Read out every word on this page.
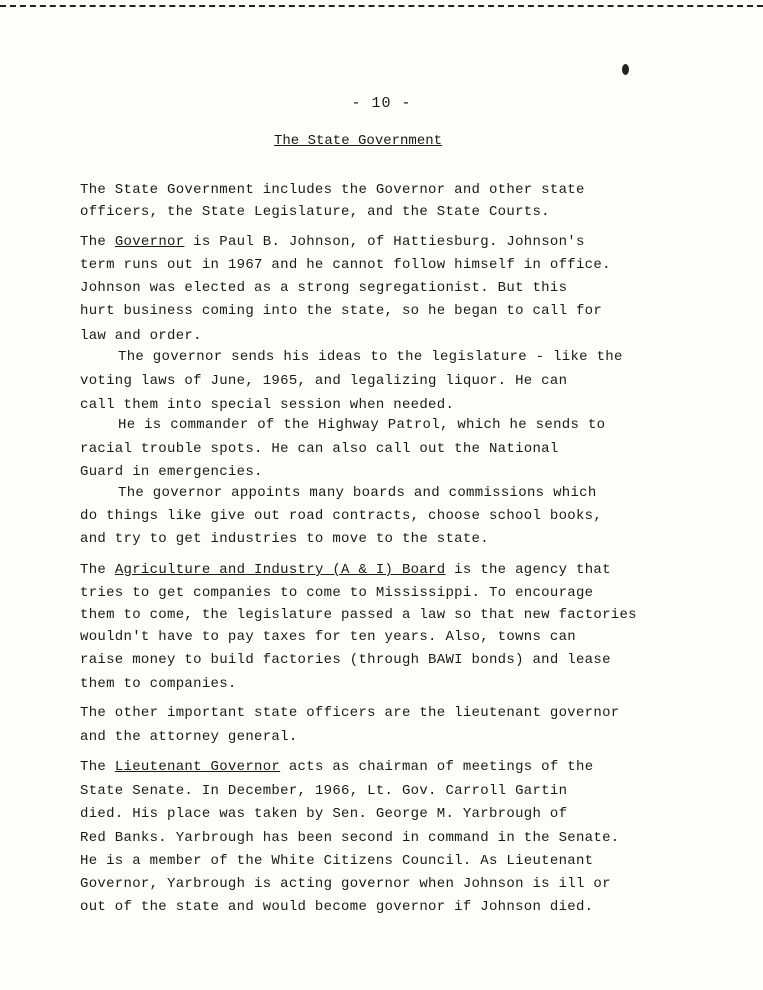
- 10 -
The State Government
The State Government includes the Governor and other state
officers, the State Legislature, and the State Courts.
The Governor is Paul B. Johnson, of Hattiesburg. Johnson's
term runs out in 1967 and he cannot follow himself in office.
Johnson was elected as a strong segregationist. But this
hurt business coming into the state, so he began to call for
law and order.
The governor sends his ideas to the legislature - like the
voting laws of June, 1965, and legalizing liquor. He can
call them into special session when needed.
He is commander of the Highway Patrol, which he sends to
racial trouble spots. He can also call out the National
Guard in emergencies.
The governor appoints many boards and commissions which
do things like give out road contracts, choose school books,
and try to get industries to move to the state.
The Agriculture and Industry (A & I) Board is the agency that
tries to get companies to come to Mississippi. To encourage
them to come, the legislature passed a law so that new factories
wouldn't have to pay taxes for ten years. Also, towns can
raise money to build factories (through BAWI bonds) and lease
them to companies.
The other important state officers are the lieutenant governor
and the attorney general.
The Lieutenant Governor acts as chairman of meetings of the
State Senate. In December, 1966, Lt. Gov. Carroll Gartin
died. His place was taken by Sen. George M. Yarbrough of
Red Banks. Yarbrough has been second in command in the Senate.
He is a member of the White Citizens Council. As Lieutenant
Governor, Yarbrough is acting governor when Johnson is ill or
out of the state and would become governor if Johnson died.
